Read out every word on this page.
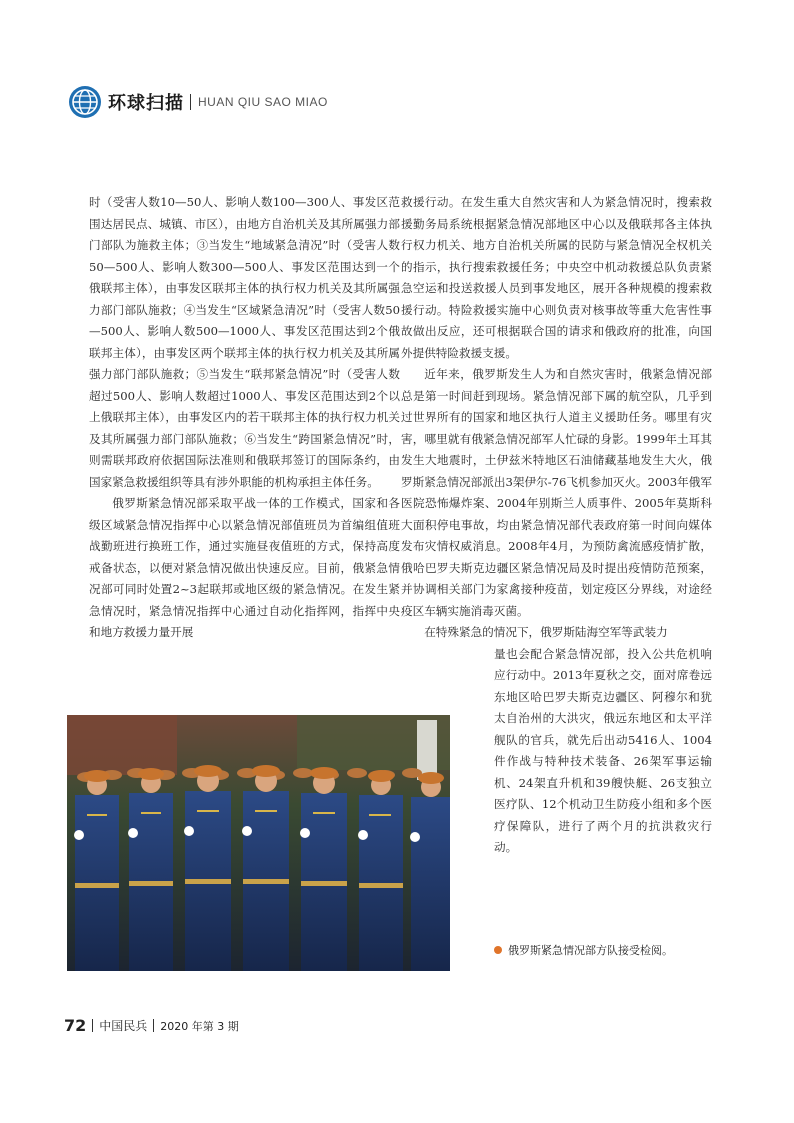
环球扫描 HUAN QIU SAO MIAO

时（受害人数10—50人、影响人数100—300人、事发区范围达居民点、城镇、市区），由地方自治机关及其所属强力部门部队为施救主体；③当发生“地域紧急清况”时（受害人数50—500人、影响人数300—500人、事发区范围达到一个俄联邦主体），由事发区联邦主体的执行权力机关及其所属强力部门部队施救；④当发生“区域紧急清况”时（受害人数50—500人、影响人数500—1000人、事发区范围达到2个俄联邦主体），由事发区两个联邦主体的执行权力机关及其所属强力部门部队施救；⑤当发生“联邦紧急情况”时（受害人数超过500人、影响人数超过1000人、事发区范围达到2个以上俄联邦主体），由事发区内的若干联邦主体的执行权力机关及其所属强力部门部队施救；⑥当发生“跨国紧急情况”时，则需联邦政府依据国际法准则和俄联邦签订的国际条约，由国家紧急救援组织等具有涉外职能的机构承担主体任务。

俄罗斯紧急情况部采取平战一体的工作模式，国家和各级区域紧急情况指挥中心以紧急情况部值班员为首编组值班战勤班进行换班工作，通过实施昼夜值班的方式，保持高度戒备状态，以便对紧急情况做出快速反应。目前，俄紧急情况部可同时处置2~3起联邦或地区级的紧急情况。在发生紧急情况时，紧急情况指挥中心通过自动化指挥网，指挥中央和地方救援力量开展

救援行动。在发生重大自然灾害和人为紧急情况时，搜索救援勤务局系统根据紧急情况部地区中心以及俄联邦各主体执行权力机关、地方自治机关所属的民防与紧急情况全权机关的指示，执行搜索救援任务；中央空中机动救援总队负责紧急空运和投送救援人员到事发地区，展开各种规模的搜索救援行动。特险救援实施中心则负责对核事故等重大危害性事故做出反应，还可根据联合国的请求和俄政府的批准，向国外提供特险救援支援。

近年来，俄罗斯发生人为和自然灾害时，俄紧急情况部总是第一时间赶到现场。紧急情况部下属的航空队，几乎到过世界所有的国家和地区执行人道主义援助任务。哪里有灾害，哪里就有俄紧急情况部军人忙碌的身影。1999年土耳其发生大地震时，土伊兹米特地区石油储藏基地发生大火，俄罗斯紧急情况部派出3架伊尔-76飞机参加灭火。2003年俄军医院恐怖爆炸案、2004年别斯兰人质事件、2005年莫斯科大面积停电事故，均由紧急情况部代表政府第一时间向媒体发布灾情权威消息。2008年4月，为预防禽流感疫情扩散，俄哈巴罗夫斯克边疆区紧急情况局及时提出疫情防范预案，并协调相关部门为家禽接种疫苗，划定疫区分界线，对途经疫区车辆实施消毒灭菌。

在特殊紧急的情况下，俄罗斯陆海空军等武装力

量也会配合紧急情况部，投入公共危机响应行动中。2013年夏秋之交，面对席卷远东地区哈巴罗夫斯克边疆区、阿穆尔和犹太自治州的大洪灾，俄远东地区和太平洋舰队的官兵，就先后出动5416人、1004件作战与特种技术装备、26架军事运输机、24架直升机和39艘快艇、26支独立医疗队、12个机动卫生防疫小组和多个医疗保障队，进行了两个月的抗洪救灾行动。

俄罗斯紧急情况部方队接受检阅。
72 中国民兵 2020 年第 3 期
